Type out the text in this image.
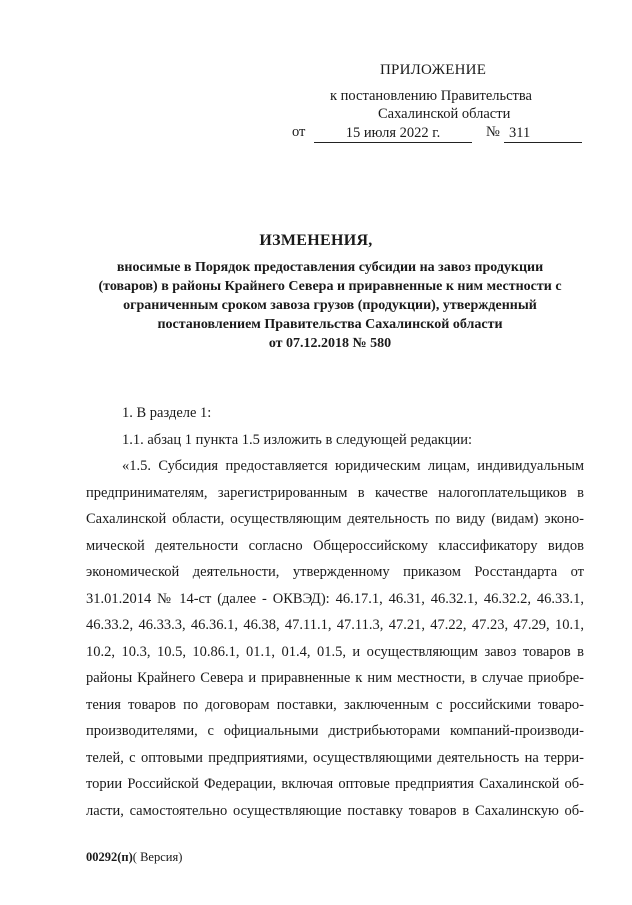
ПРИЛОЖЕНИЕ
к постановлению Правительства
Сахалинской области
от	15 июля 2022 г.	№ 311
ИЗМЕНЕНИЯ,
вносимые в Порядок предоставления субсидии на завоз продукции
(товаров) в районы Крайнего Севера и приравненные к ним местности с
ограниченным сроком завоза грузов (продукции), утвержденный
постановлением Правительства Сахалинской области
от 07.12.2018 № 580
1. В разделе 1:
1.1. абзац 1 пункта 1.5 изложить в следующей редакции:
«1.5. Субсидия предоставляется юридическим лицам, индивидуальным
предпринимателям, зарегистрированным в качестве налогоплательщиков в
Сахалинской области, осуществляющим деятельность по виду (видам) эконо-
мической деятельности согласно Общероссийскому классификатору видов
экономической деятельности, утвержденному приказом Росстандарта от
31.01.2014 № 14-ст (далее - ОКВЭД): 46.17.1, 46.31, 46.32.1, 46.32.2, 46.33.1,
46.33.2, 46.33.3, 46.36.1, 46.38, 47.11.1, 47.11.3, 47.21, 47.22, 47.23, 47.29, 10.1,
10.2, 10.3, 10.5, 10.86.1, 01.1, 01.4, 01.5, и осуществляющим завоз товаров в
районы Крайнего Севера и приравненные к ним местности, в случае приобре-
тения товаров по договорам поставки, заключенным с российскими товаро-
производителями, с официальными дистрибьюторами компаний-производи-
телей, с оптовыми предприятиями, осуществляющими деятельность на терри-
тории Российской Федерации, включая оптовые предприятия Сахалинской об-
ласти, самостоятельно осуществляющие поставку товаров в Сахалинскую об-
00292(п)( Версия)
